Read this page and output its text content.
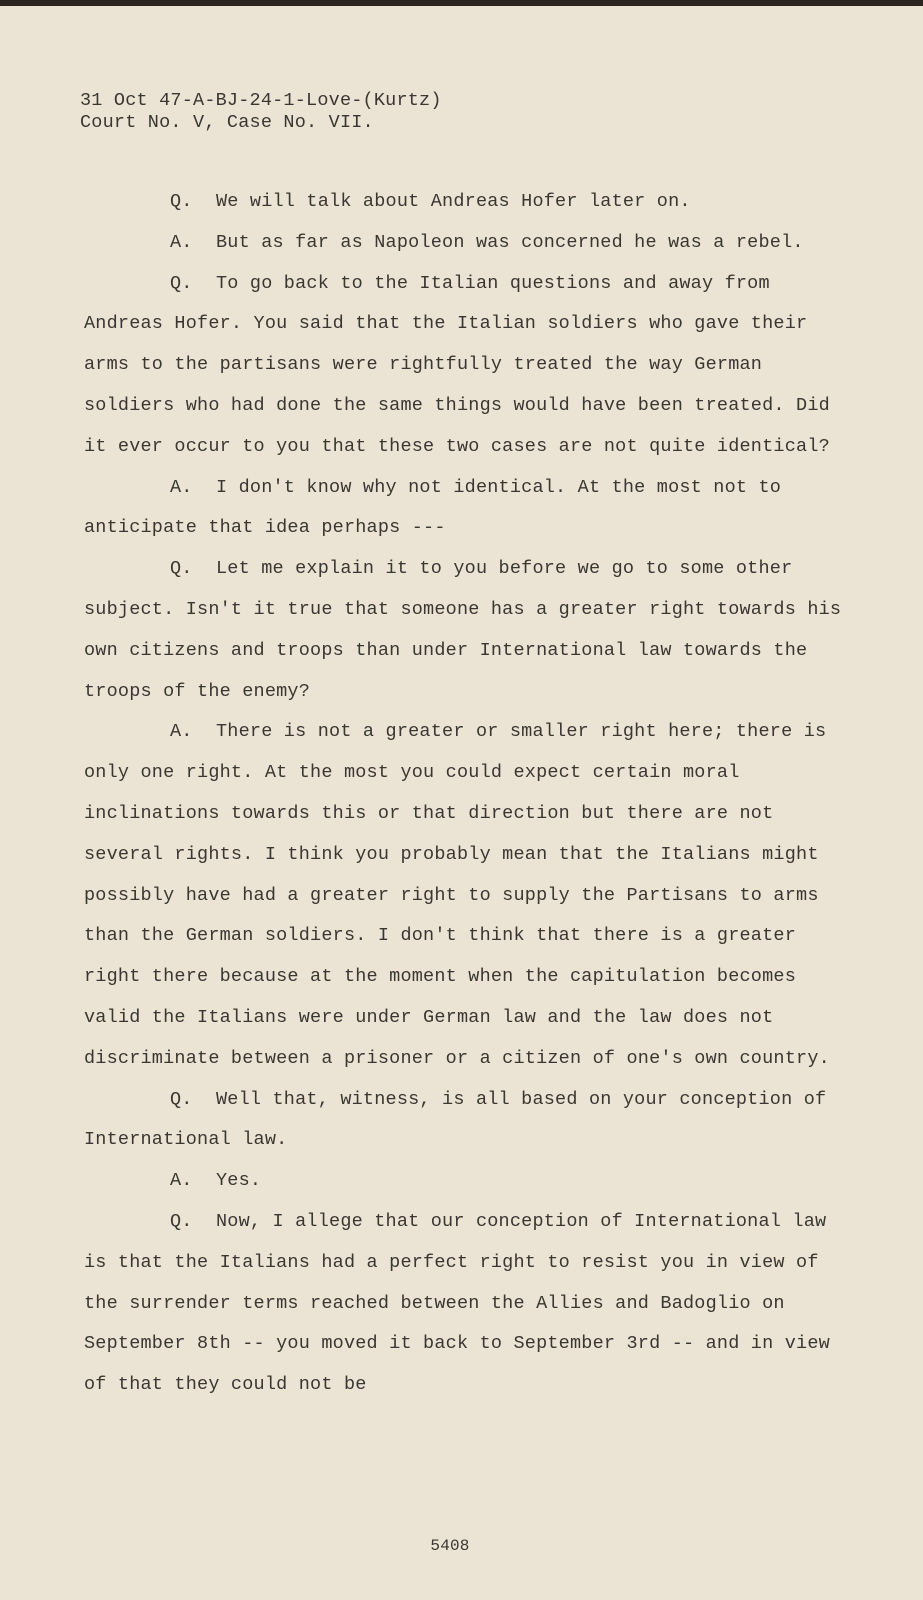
31 Oct 47-A-BJ-24-1-Love-(Kurtz)
Court No. V, Case No. VII.

Q. We will talk about Andreas Hofer later on.

A. But as far as Napoleon was concerned he was a rebel.

Q. To go back to the Italian questions and away from Andreas Hofer. You said that the Italian soldiers who gave their arms to the partisans were rightfully treated the way German soldiers who had done the same things would have been treated. Did it ever occur to you that these two cases are not quite identical?

A. I don't know why not identical. At the most not to anticipate that idea perhaps ---

Q. Let me explain it to you before we go to some other subject. Isn't it true that someone has a greater right towards his own citizens and troops than under International law towards the troops of the enemy?

A. There is not a greater or smaller right here; there is only one right. At the most you could expect certain moral inclinations towards this or that direction but there are not several rights. I think you probably mean that the Italians might possibly have had a greater right to supply the Partisans to arms than the German soldiers. I don't think that there is a greater right there because at the moment when the capitulation becomes valid the Italians were under German law and the law does not discriminate between a prisoner or a citizen of one's own country.

Q. Well that, witness, is all based on your conception of International law.

A. Yes.

Q. Now, I allege that our conception of International law is that the Italians had a perfect right to resist you in view of the surrender terms reached between the Allies and Badoglio on September 8th -- you moved it back to September 3rd -- and in view of that they could not be

5408
